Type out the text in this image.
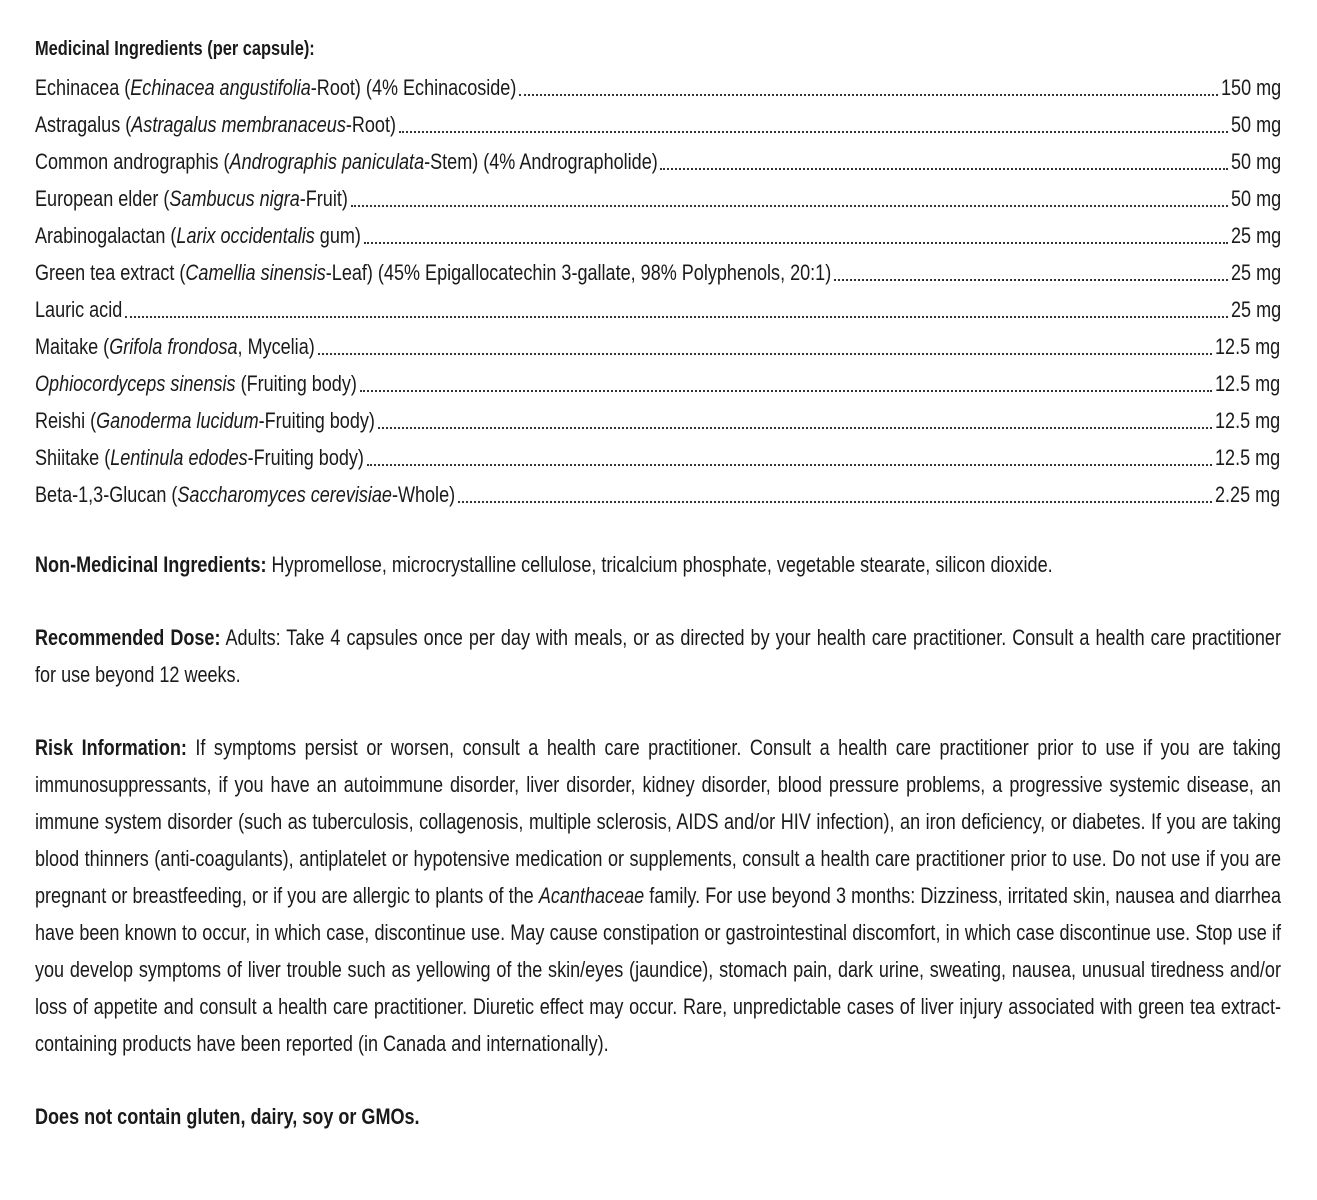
Medicinal Ingredients (per capsule):
Echinacea (Echinacea angustifolia-Root) (4% Echinacoside)	150 mg
Astragalus (Astragalus membranaceus-Root)	50 mg
Common andrographis (Andrographis paniculata-Stem) (4% Andrographolide)	50 mg
European elder (Sambucus nigra-Fruit)	50 mg
Arabinogalactan (Larix occidentalis gum)	25 mg
Green tea extract (Camellia sinensis-Leaf) (45% Epigallocatechin 3-gallate, 98% Polyphenols, 20:1)	25 mg
Lauric acid	25 mg
Maitake (Grifola frondosa, Mycelia)	12.5 mg
Ophiocordyceps sinensis (Fruiting body)	12.5 mg
Reishi (Ganoderma lucidum-Fruiting body)	12.5 mg
Shiitake (Lentinula edodes-Fruiting body)	12.5 mg
Beta-1,3-Glucan (Saccharomyces cerevisiae-Whole)	2.25 mg
Non-Medicinal Ingredients: Hypromellose, microcrystalline cellulose, tricalcium phosphate, vegetable stearate, silicon dioxide.
Recommended Dose: Adults: Take 4 capsules once per day with meals, or as directed by your health care practitioner. Consult a health care practitioner for use beyond 12 weeks.
Risk Information: If symptoms persist or worsen, consult a health care practitioner. Consult a health care practitioner prior to use if you are taking immunosuppressants, if you have an autoimmune disorder, liver disorder, kidney disorder, blood pressure problems, a progressive systemic disease, an immune system disorder (such as tuberculosis, collagenosis, multiple sclerosis, AIDS and/or HIV infection), an iron deficiency, or diabetes. If you are taking blood thinners (anti-coagulants), antiplatelet or hypotensive medication or supplements, consult a health care practitioner prior to use. Do not use if you are pregnant or breastfeeding, or if you are allergic to plants of the Acanthaceae family. For use beyond 3 months: Dizziness, irritated skin, nausea and diarrhea have been known to occur, in which case, discontinue use. May cause constipation or gastrointestinal discomfort, in which case discontinue use. Stop use if you develop symptoms of liver trouble such as yellowing of the skin/eyes (jaundice), stomach pain, dark urine, sweating, nausea, unusual tiredness and/or loss of appetite and consult a health care practitioner. Diuretic effect may occur. Rare, unpredictable cases of liver injury associated with green tea extract-containing products have been reported (in Canada and internationally).
Does not contain gluten, dairy, soy or GMOs.
